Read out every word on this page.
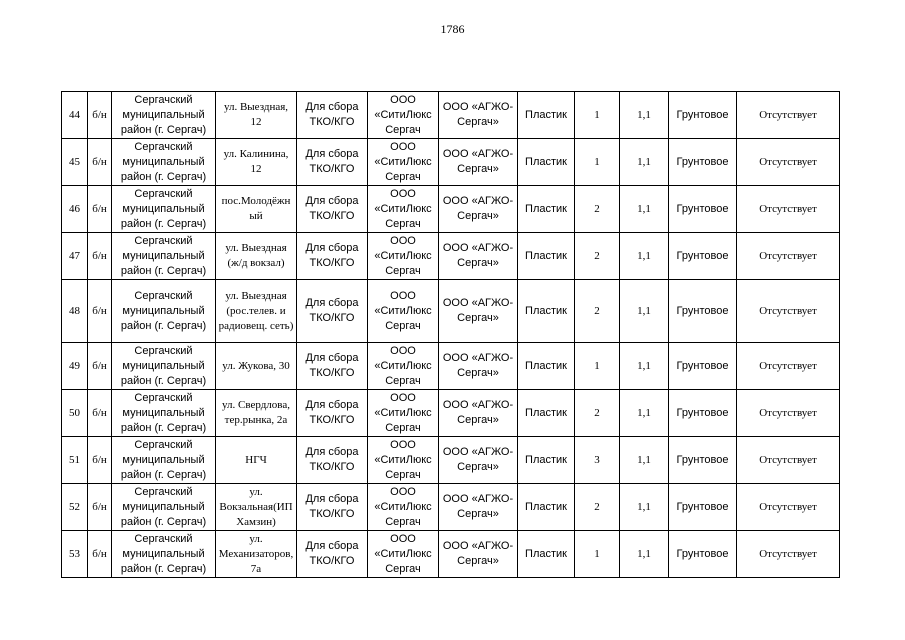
1786
44	б/н	Сергачский муниципальный район (г. Сергач)	ул. Выездная, 12	Для сбора ТКО/КГО	ООО «СитиЛюкс Сергач	ООО «АГЖО-Сергач»	Пластик	1	1,1	Грунтовое	Отсутствует
45	б/н	Сергачский муниципальный район (г. Сергач)	ул. Калинина, 12	Для сбора ТКО/КГО	ООО «СитиЛюкс Сергач	ООО «АГЖО-Сергач»	Пластик	1	1,1	Грунтовое	Отсутствует
46	б/н	Сергачский муниципальный район (г. Сергач)	пос.Молодёжный	Для сбора ТКО/КГО	ООО «СитиЛюкс Сергач	ООО «АГЖО-Сергач»	Пластик	2	1,1	Грунтовое	Отсутствует
47	б/н	Сергачский муниципальный район (г. Сергач)	ул. Выездная (ж/д вокзал)	Для сбора ТКО/КГО	ООО «СитиЛюкс Сергач	ООО «АГЖО-Сергач»	Пластик	2	1,1	Грунтовое	Отсутствует
48	б/н	Сергачский муниципальный район (г. Сергач)	ул. Выездная (рос.телев. и радиовещ. сеть)	Для сбора ТКО/КГО	ООО «СитиЛюкс Сергач	ООО «АГЖО-Сергач»	Пластик	2	1,1	Грунтовое	Отсутствует
49	б/н	Сергачский муниципальный район (г. Сергач)	ул. Жукова, 30	Для сбора ТКО/КГО	ООО «СитиЛюкс Сергач	ООО «АГЖО-Сергач»	Пластик	1	1,1	Грунтовое	Отсутствует
50	б/н	Сергачский муниципальный район (г. Сергач)	ул. Свердлова, тер.рынка, 2а	Для сбора ТКО/КГО	ООО «СитиЛюкс Сергач	ООО «АГЖО-Сергач»	Пластик	2	1,1	Грунтовое	Отсутствует
51	б/н	Сергачский муниципальный район (г. Сергач)	НГЧ	Для сбора ТКО/КГО	ООО «СитиЛюкс Сергач	ООО «АГЖО-Сергач»	Пластик	3	1,1	Грунтовое	Отсутствует
52	б/н	Сергачский муниципальный район (г. Сергач)	ул. Вокзальная(ИП Хамзин)	Для сбора ТКО/КГО	ООО «СитиЛюкс Сергач	ООО «АГЖО-Сергач»	Пластик	2	1,1	Грунтовое	Отсутствует
53	б/н	Сергачский муниципальный район (г. Сергач)	ул. Механизаторов, 7а	Для сбора ТКО/КГО	ООО «СитиЛюкс Сергач	ООО «АГЖО-Сергач»	Пластик	1	1,1	Грунтовое	Отсутствует
